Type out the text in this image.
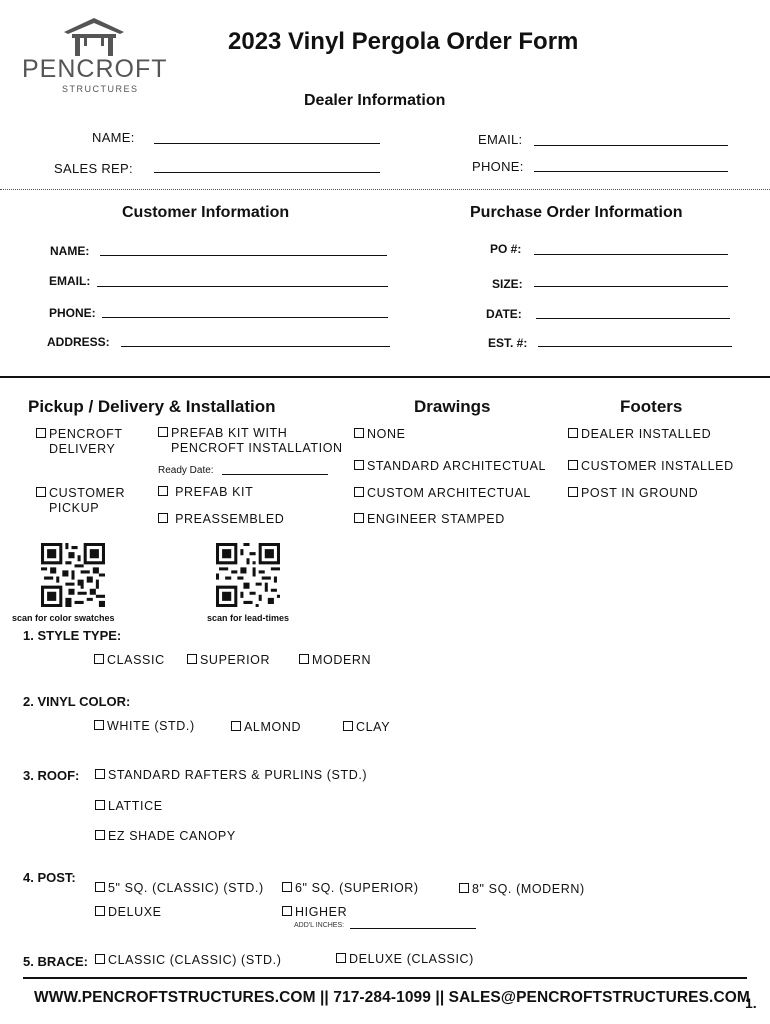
PENCROFT
STRUCTURES
2023 Vinyl Pergola Order Form
Dealer Information
NAME:
SALES REP:
EMAIL:
PHONE:
Customer Information
NAME:
EMAIL:
PHONE:
ADDRESS:
Purchase Order Information
PO #:
SIZE:
DATE:
EST. #:
Pickup / Delivery & Installation	Drawings	Footers
PENCROFT
DELIVERY
CUSTOMER
PICKUP
PREFAB KIT WITH
PENCROFT INSTALLATION
Ready Date:
PREFAB KIT
PREASSEMBLED
NONE
STANDARD ARCHITECTUAL
CUSTOM ARCHITECTUAL
ENGINEER STAMPED
DEALER INSTALLED
CUSTOMER INSTALLED
POST IN GROUND
scan for color swatches	scan for lead-times
1. STYLE TYPE:
CLASSIC	SUPERIOR	MODERN
2. VINYL COLOR:
WHITE (STD.)	ALMOND	CLAY
3. ROOF:	STANDARD RAFTERS & PURLINS (STD.)
LATTICE
EZ SHADE CANOPY
4. POST:
5" SQ. (CLASSIC) (STD.)	6" SQ. (SUPERIOR)	8" SQ. (MODERN)
DELUXE	HIGHER
ADD'L INCHES:
5. BRACE:	CLASSIC (CLASSIC) (STD.)	DELUXE (CLASSIC)
WWW.PENCROFTSTRUCTURES.COM || 717-284-1099 || SALES@PENCROFTSTRUCTURES.COM
1.
